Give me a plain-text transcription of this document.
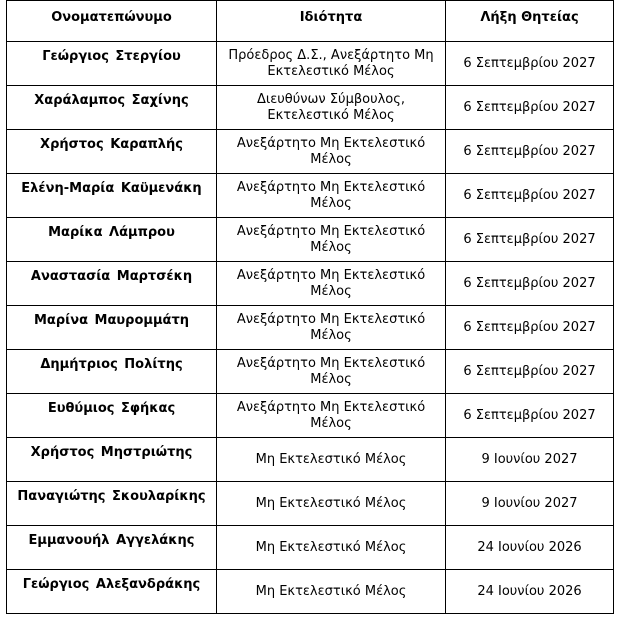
Ονοματεπώνυμο	Ιδιότητα	Λήξη Θητείας
Γεώργιος Στεργίου	Πρόεδρος Δ.Σ., Ανεξάρτητο Μη Εκτελεστικό Μέλος	6 Σεπτεμβρίου 2027
Χαράλαμπος Σαχίνης	Διευθύνων Σύμβουλος, Εκτελεστικό Μέλος	6 Σεπτεμβρίου 2027
Χρήστος Καραπλής	Ανεξάρτητο Μη Εκτελεστικό Μέλος	6 Σεπτεμβρίου 2027
Ελένη-Μαρία Καϋμενάκη	Ανεξάρτητο Μη Εκτελεστικό Μέλος	6 Σεπτεμβρίου 2027
Μαρίκα Λάμπρου	Ανεξάρτητο Μη Εκτελεστικό Μέλος	6 Σεπτεμβρίου 2027
Αναστασία Μαρτσέκη	Ανεξάρτητο Μη Εκτελεστικό Μέλος	6 Σεπτεμβρίου 2027
Μαρίνα Μαυρομμάτη	Ανεξάρτητο Μη Εκτελεστικό Μέλος	6 Σεπτεμβρίου 2027
Δημήτριος Πολίτης	Ανεξάρτητο Μη Εκτελεστικό Μέλος	6 Σεπτεμβρίου 2027
Ευθύμιος Σφήκας	Ανεξάρτητο Μη Εκτελεστικό Μέλος	6 Σεπτεμβρίου 2027
Χρήστος Μηστριώτης	Μη Εκτελεστικό Μέλος	9 Ιουνίου 2027
Παναγιώτης Σκουλαρίκης	Μη Εκτελεστικό Μέλος	9 Ιουνίου 2027
Εμμανουήλ Αγγελάκης	Μη Εκτελεστικό Μέλος	24 Ιουνίου 2026
Γεώργιος Αλεξανδράκης	Μη Εκτελεστικό Μέλος	24 Ιουνίου 2026
